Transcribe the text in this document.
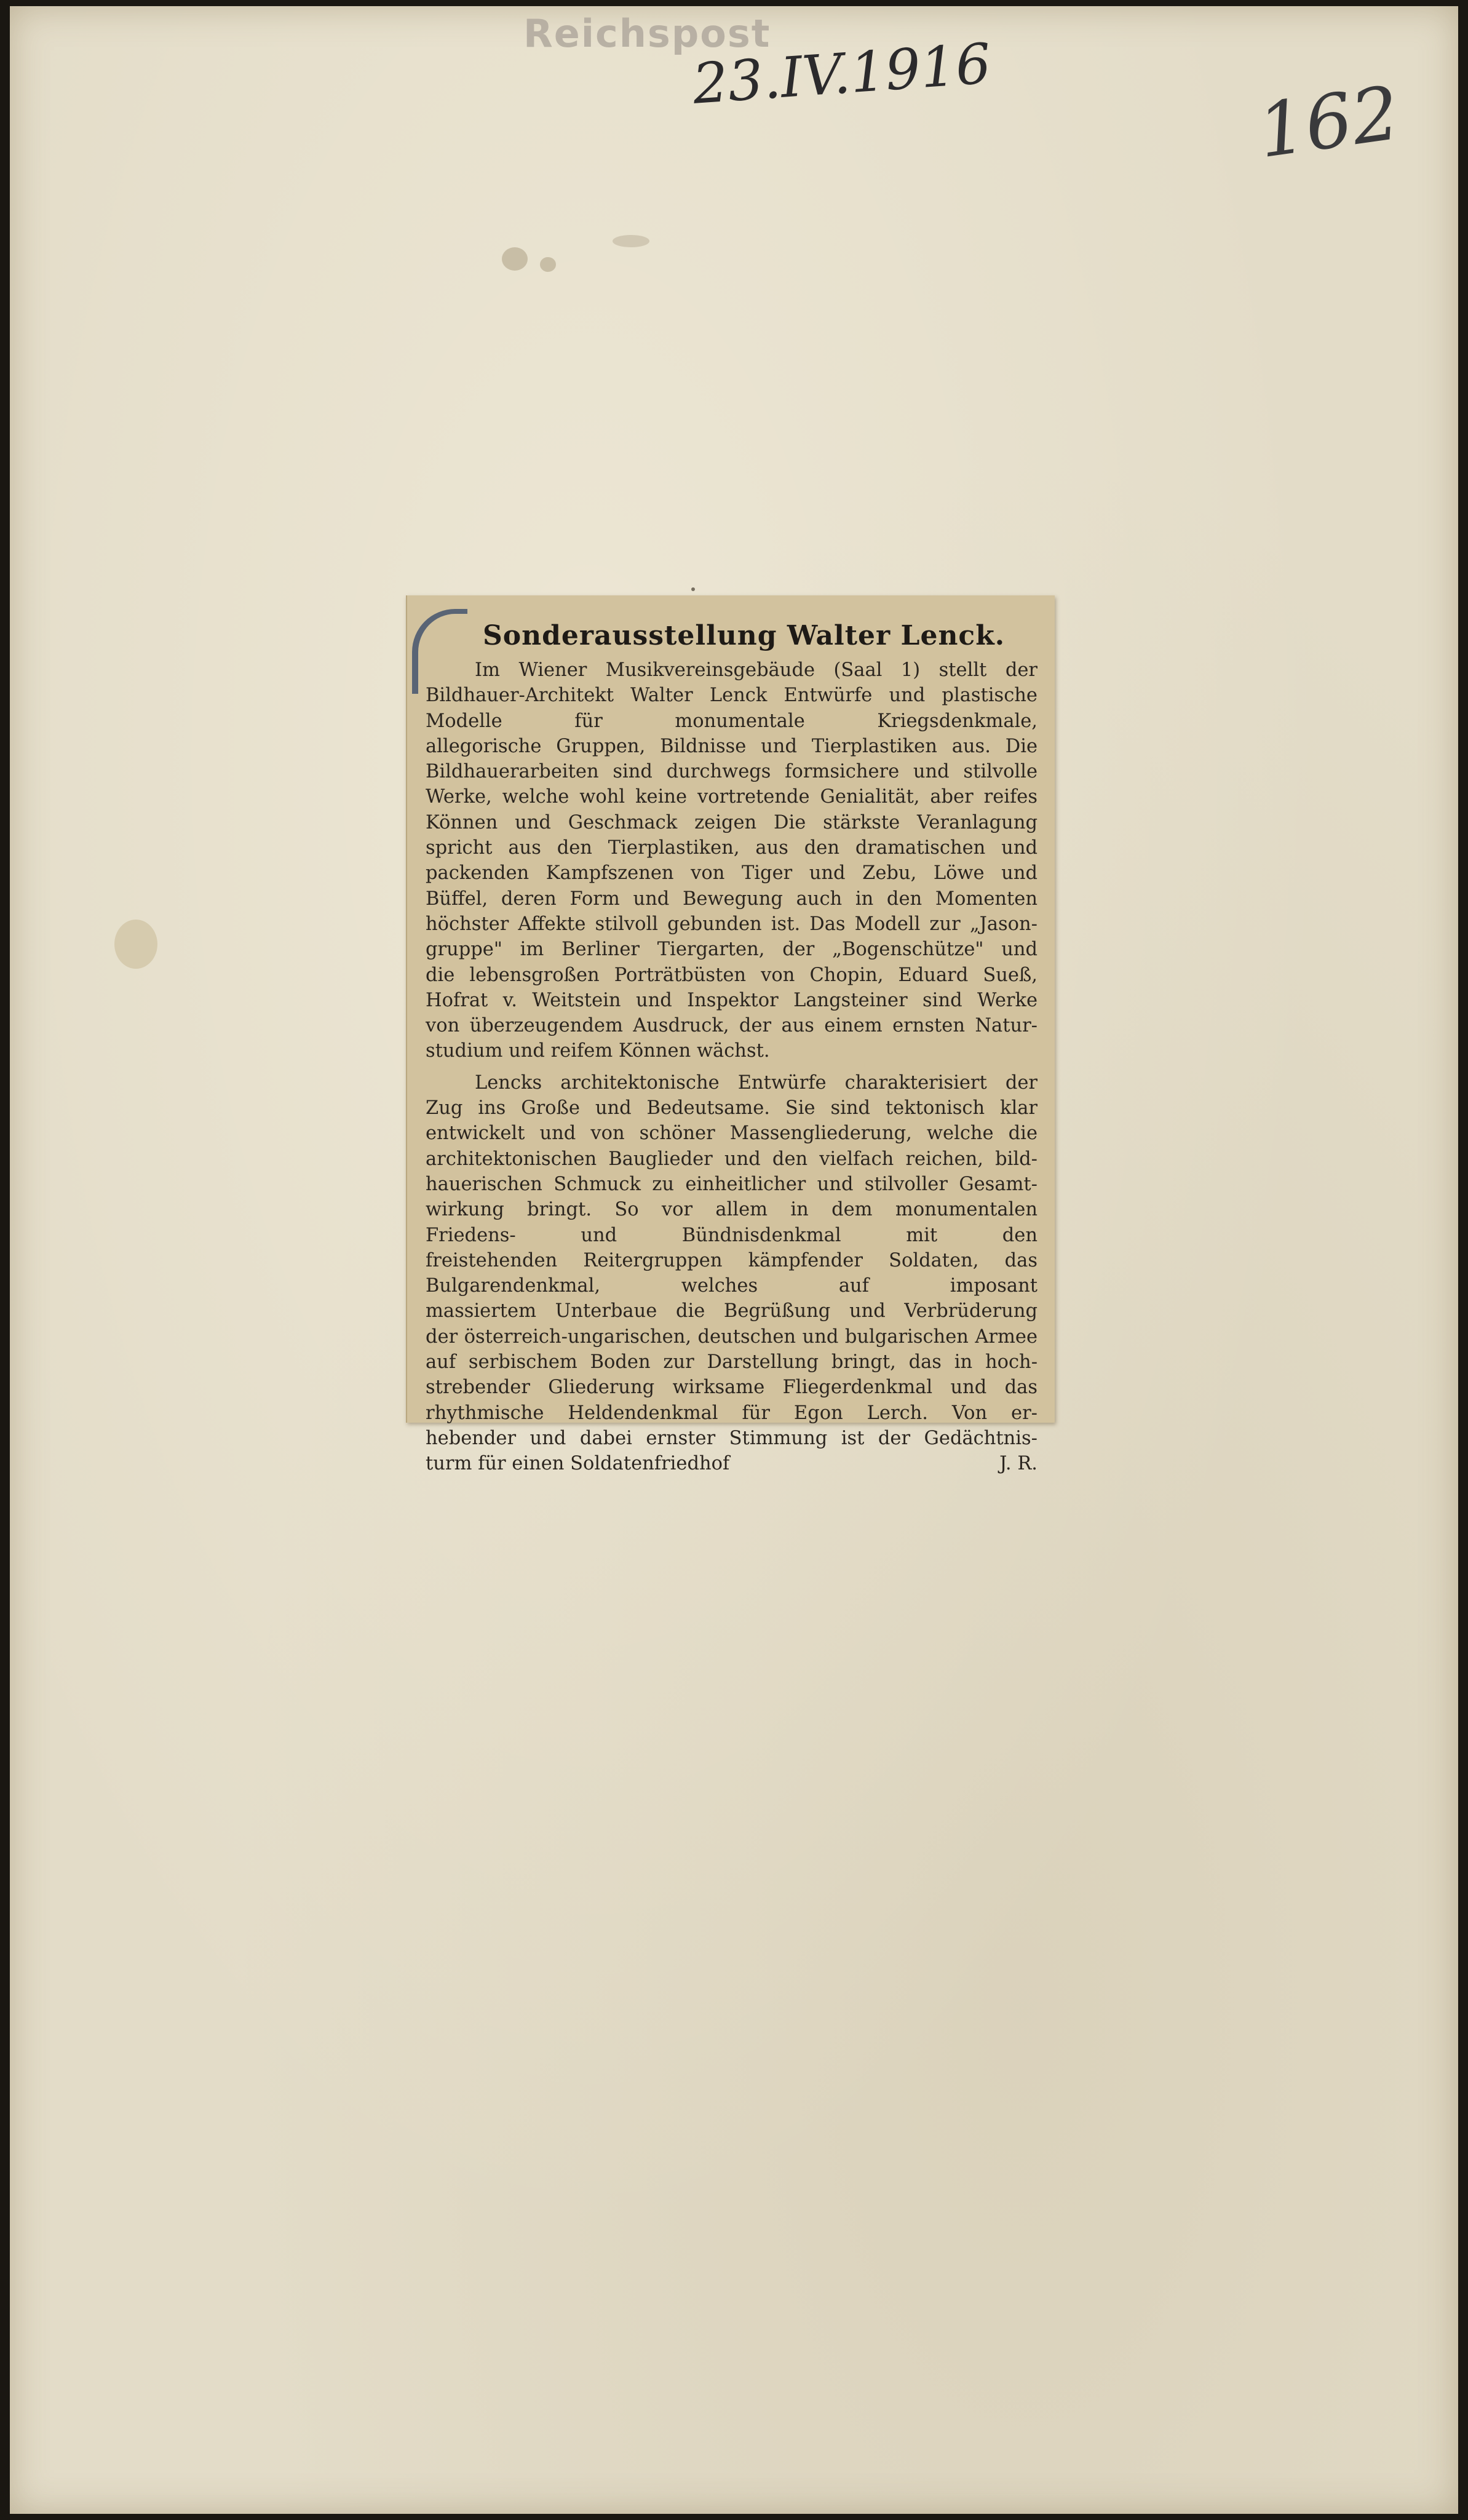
Reichspost
23.IV.1916	162
Sonderausstellung Walter Lenck.

Im Wiener Musikvereinsgebäude (Saal 1) stellt der
Bildhauer-Architekt Walter Lenck Entwürfe und plastische
Modelle für monumentale Kriegsdenkmale,
allegorische Gruppen, Bildnisse und Tierplastiken aus. Die
Bildhauerarbeiten sind durchwegs formsichere und stilvolle
Werke, welche wohl keine vortretende Genialität, aber reifes
Können und Geschmack zeigen Die stärkste Veranlagung
spricht aus den Tierplastiken, aus den dramatischen und
packenden Kampfszenen von Tiger und Zebu, Löwe und
Büffel, deren Form und Bewegung auch in den Momenten
höchster Affekte stilvoll gebunden ist. Das Modell zur „Jason-
gruppe" im Berliner Tiergarten, der „Bogenschütze" und
die lebensgroßen Porträtbüsten von Chopin, Eduard Sueß,
Hofrat v. Weitstein und Inspektor Langsteiner sind Werke
von überzeugendem Ausdruck, der aus einem ernsten Natur-
studium und reifem Können wächst.

Lencks architektonische Entwürfe charakterisiert der
Zug ins Große und Bedeutsame. Sie sind tektonisch klar
entwickelt und von schöner Massengliederung, welche die
architektonischen Bauglieder und den vielfach reichen, bild-
hauerischen Schmuck zu einheitlicher und stilvoller Gesamt-
wirkung bringt. So vor allem in dem monumentalen
Friedens- und Bündnisdenkmal mit den
freistehenden Reitergruppen kämpfender Soldaten, das
Bulgarendenkmal, welches auf imposant
massiertem Unterbaue die Begrüßung und Verbrüderung
der österreich-ungarischen, deutschen und bulgarischen Armee
auf serbischem Boden zur Darstellung bringt, das in hoch-
strebender Gliederung wirksame Fliegerdenkmal und das
rhythmische Heldendenkmal für Egon Lerch. Von er-
hebender und dabei ernster Stimmung ist der Gedächtnis-
turm für einen Soldatenfriedhof	J. R.
